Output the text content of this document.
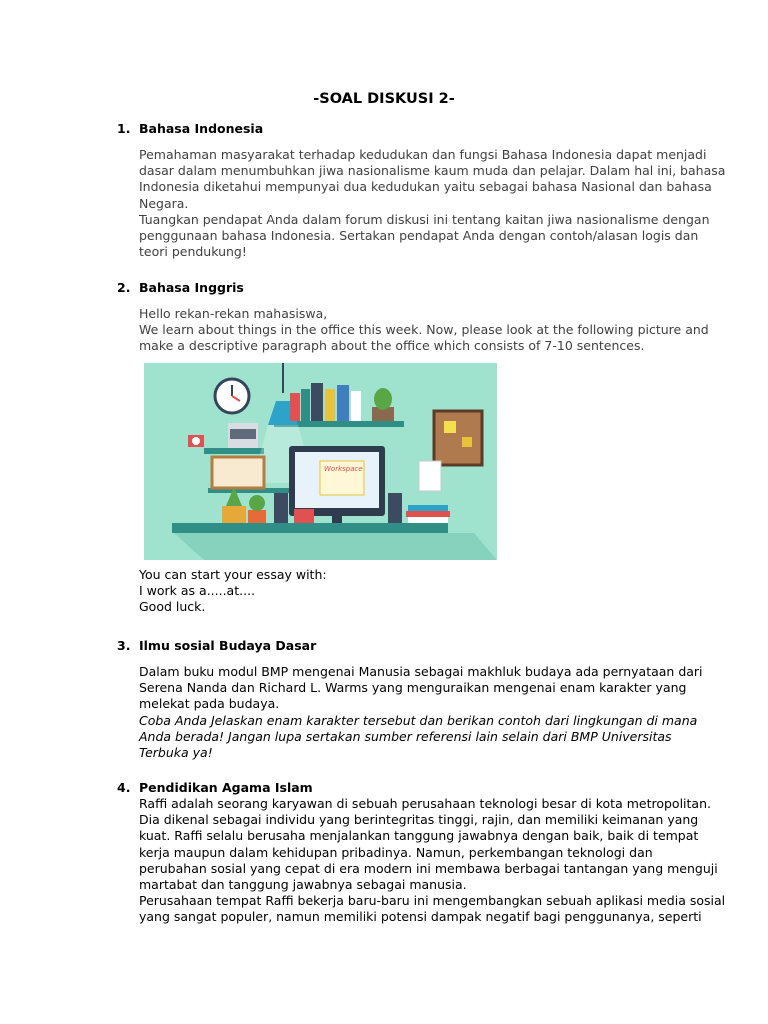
-SOAL DISKUSI 2-
1. Bahasa Indonesia

Pemahaman masyarakat terhadap kedudukan dan fungsi Bahasa Indonesia dapat menjadi

dasar dalam menumbuhkan jiwa nasionalisme kaum muda dan pelajar. Dalam hal ini, bahasa

Indonesia diketahui mempunyai dua kedudukan yaitu sebagai bahasa Nasional dan bahasa

Negara.

Tuangkan pendapat Anda dalam forum diskusi ini tentang kaitan jiwa nasionalisme dengan

penggunaan bahasa Indonesia. Sertakan pendapat Anda dengan contoh/alasan logis dan

teori pendukung!

2. Bahasa Inggris

Hello rekan-rekan mahasiswa,

We learn about things in the office this week. Now, please look at the following picture and

make a descriptive paragraph about the office which consists of 7-10 sentences.

Workspace

You can start your essay with:

I work as a.....at....

Good luck.

3. Ilmu sosial Budaya Dasar

Dalam buku modul BMP mengenai Manusia sebagai makhluk budaya ada pernyataan dari

Serena Nanda dan Richard L. Warms yang menguraikan mengenai enam karakter yang

melekat pada budaya.

Coba Anda Jelaskan enam karakter tersebut dan berikan contoh dari lingkungan di mana

Anda berada! Jangan lupa sertakan sumber referensi lain selain dari BMP Universitas

Terbuka ya!

4. Pendidikan Agama Islam

Raffi adalah seorang karyawan di sebuah perusahaan teknologi besar di kota metropolitan.

Dia dikenal sebagai individu yang berintegritas tinggi, rajin, dan memiliki keimanan yang

kuat. Raffi selalu berusaha menjalankan tanggung jawabnya dengan baik, baik di tempat

kerja maupun dalam kehidupan pribadinya. Namun, perkembangan teknologi dan

perubahan sosial yang cepat di era modern ini membawa berbagai tantangan yang menguji

martabat dan tanggung jawabnya sebagai manusia.

Perusahaan tempat Raffi bekerja baru-baru ini mengembangkan sebuah aplikasi media sosial

yang sangat populer, namun memiliki potensi dampak negatif bagi penggunanya, seperti
